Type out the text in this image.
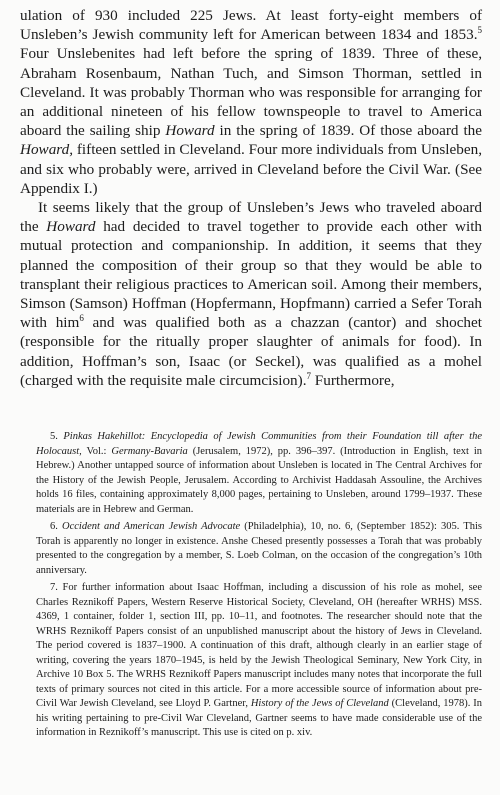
ulation of 930 included 225 Jews. At least forty-eight members of Unsleben’s Jewish community left for American between 1834 and 1853.$^5$ Four Unslebenites had left before the spring of 1839. Three of these, Abraham Rosenbaum, Nathan Tuch, and Simson Thorman, settled in Cleveland. It was probably Thorman who was responsible for arranging for an additional nineteen of his fellow townspeople to travel to America aboard the sailing ship Howard in the spring of 1839. Of those aboard the Howard, fifteen settled in Cleveland. Four more individuals from Unsleben, and six who probably were, arrived in Cleveland before the Civil War. (See Appendix I.)

It seems likely that the group of Unsleben’s Jews who traveled aboard the Howard had decided to travel together to provide each other with mutual protection and companionship. In addition, it seems that they planned the composition of their group so that they would be able to transplant their religious practices to American soil. Among their members, Simson (Samson) Hoffman (Hopfermann, Hopfmann) carried a Sefer Torah with him$^6$ and was qualified both as a chazzan (cantor) and shochet (responsible for the ritually proper slaughter of animals for food). In addition, Hoffman’s son, Isaac (or Seckel), was qualified as a mohel (charged with the requisite male circumcision).$^7$ Furthermore,

5. Pinkas Hakehillot: Encyclopedia of Jewish Communities from their Foundation till after the Holocaust, Vol.: Germany-Bavaria (Jerusalem, 1972), pp. 396–397. (Introduction in English, text in Hebrew.) Another untapped source of information about Unsleben is located in The Central Archives for the History of the Jewish People, Jerusalem. According to Archivist Haddasah Assouline, the Archives holds 16 files, containing approximately 8,000 pages, pertaining to Unsleben, around 1799–1937. These materials are in Hebrew and German.

6. Occident and American Jewish Advocate (Philadelphia), 10, no. 6, (September 1852): 305. This Torah is apparently no longer in existence. Anshe Chesed presently possesses a Torah that was probably presented to the congregation by a member, S. Loeb Colman, on the occasion of the congregation’s 10th anniversary.

7. For further information about Isaac Hoffman, including a discussion of his role as mohel, see Charles Reznikoff Papers, Western Reserve Historical Society, Cleveland, OH (hereafter WRHS) MSS. 4369, 1 container, folder 1, section III, pp. 10–11, and footnotes. The researcher should note that the WRHS Reznikoff Papers consist of an unpublished manuscript about the history of Jews in Cleveland. The period covered is 1837–1900. A continuation of this draft, although clearly in an earlier stage of writing, covering the years 1870–1945, is held by the Jewish Theological Seminary, New York City, in Archive 10 Box 5. The WRHS Reznikoff Papers manuscript includes many notes that incorporate the full texts of primary sources not cited in this article. For a more accessible source of information about pre-Civil War Jewish Cleveland, see Lloyd P. Gartner, History of the Jews of Cleveland (Cleveland, 1978). In his writing pertaining to pre-Civil War Cleveland, Gartner seems to have made considerable use of the information in Reznikoff’s manuscript. This use is cited on p. xiv.
